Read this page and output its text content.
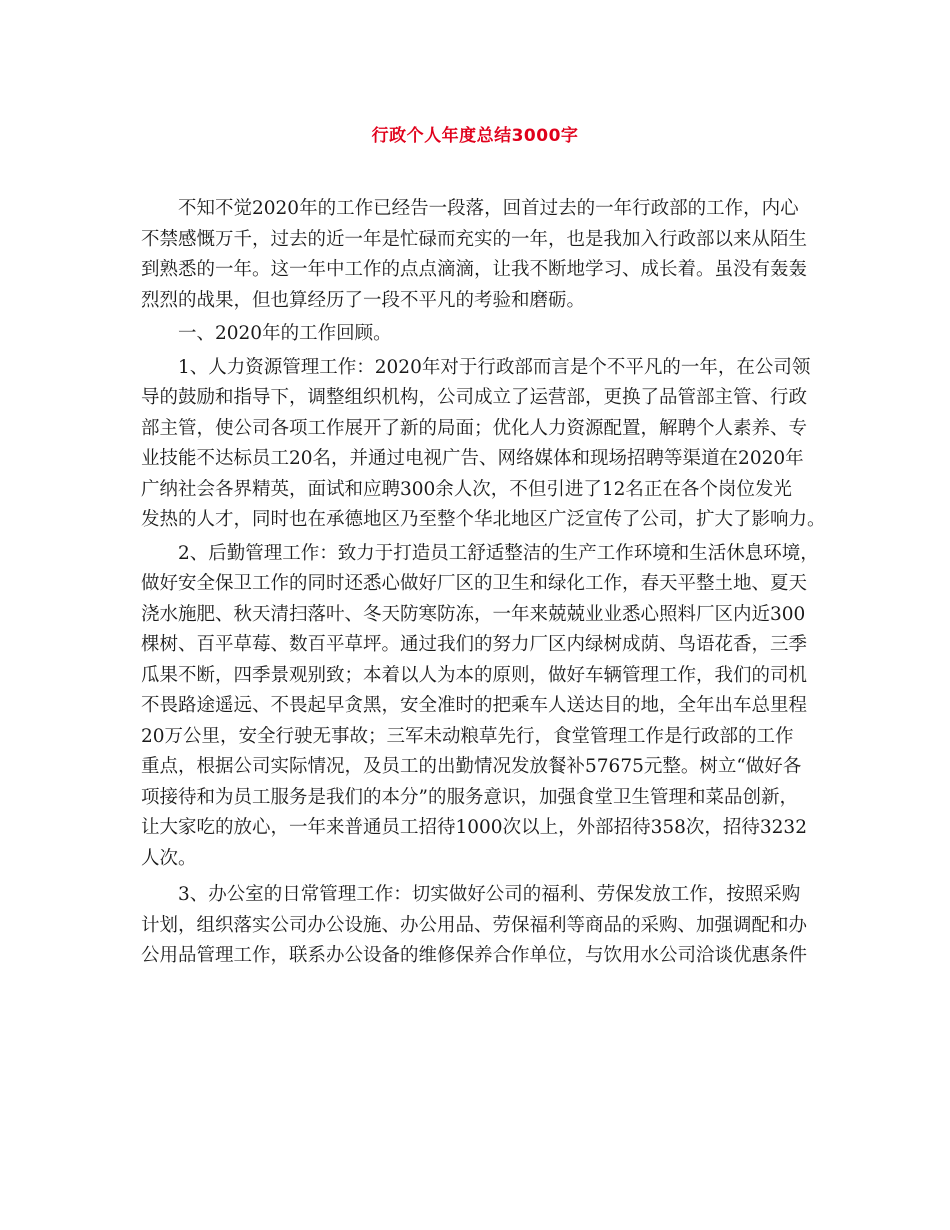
行政个人年度总结3000字
　　不知不觉2020年的工作已经告一段落，回首过去的一年行政部的工作，内心
不禁感慨万千，过去的近一年是忙碌而充实的一年，也是我加入行政部以来从陌生
到熟悉的一年。这一年中工作的点点滴滴，让我不断地学习、成长着。虽没有轰轰
烈烈的战果，但也算经历了一段不平凡的考验和磨砺。
　　一、2020年的工作回顾。
　　1、人力资源管理工作：2020年对于行政部而言是个不平凡的一年，在公司领
导的鼓励和指导下，调整组织机构，公司成立了运营部，更换了品管部主管、行政
部主管，使公司各项工作展开了新的局面；优化人力资源配置，解聘个人素养、专
业技能不达标员工20名，并通过电视广告、网络媒体和现场招聘等渠道在2020年
广纳社会各界精英，面试和应聘300余人次，不但引进了12名正在各个岗位发光
发热的人才，同时也在承德地区乃至整个华北地区广泛宣传了公司，扩大了影响力。
　　2、后勤管理工作：致力于打造员工舒适整洁的生产工作环境和生活休息环境，
做好安全保卫工作的同时还悉心做好厂区的卫生和绿化工作，春天平整土地、夏天
浇水施肥、秋天清扫落叶、冬天防寒防冻，一年来兢兢业业悉心照料厂区内近300
棵树、百平草莓、数百平草坪。通过我们的努力厂区内绿树成荫、鸟语花香，三季
瓜果不断，四季景观别致；本着以人为本的原则，做好车辆管理工作，我们的司机
不畏路途遥远、不畏起早贪黑，安全准时的把乘车人送达目的地，全年出车总里程
20万公里，安全行驶无事故；三军未动粮草先行，食堂管理工作是行政部的工作
重点，根据公司实际情况，及员工的出勤情况发放餐补57675元整。树立“做好各
项接待和为员工服务是我们的本分”的服务意识，加强食堂卫生管理和菜品创新，
让大家吃的放心，一年来普通员工招待1000次以上，外部招待358次，招待3232
人次。
　　3、办公室的日常管理工作：切实做好公司的福利、劳保发放工作，按照采购
计划，组织落实公司办公设施、办公用品、劳保福利等商品的采购、加强调配和办
公用品管理工作，联系办公设备的维修保养合作单位，与饮用水公司洽谈优惠条件
